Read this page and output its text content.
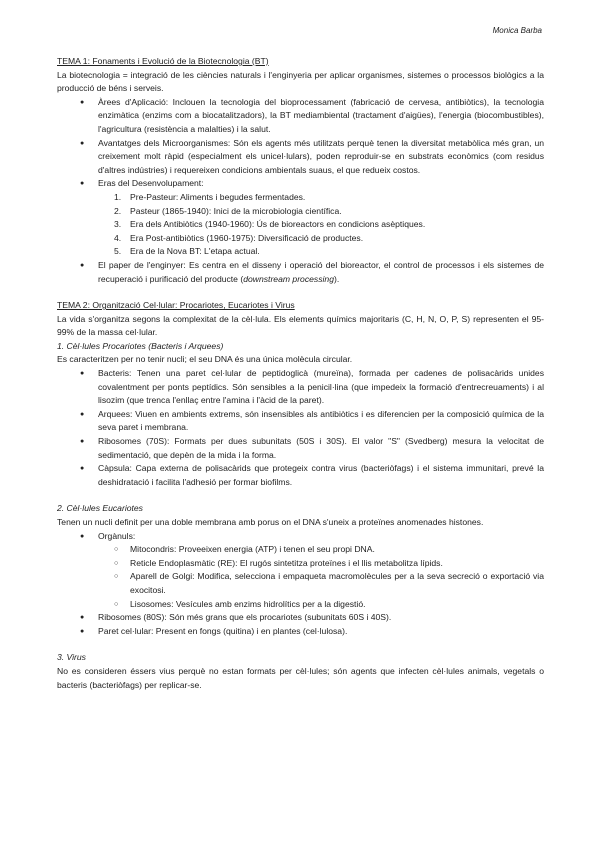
Monica Barba
TEMA 1: Fonaments i Evolució de la Biotecnologia (BT)

La biotecnologia = integració de les ciències naturals i l'enginyeria per aplicar organismes, sistemes o processos biològics a la producció de béns i serveis.

● Àrees d'Aplicació: Inclouen la tecnologia del bioprocessament (fabricació de cervesa, antibiòtics), la tecnologia enzimàtica (enzims com a biocatalitzadors), la BT mediambiental (tractament d'aigües), l'energia (biocombustibles), l'agricultura (resistència a malalties) i la salut.
● Avantatges dels Microorganismes: Són els agents més utilitzats perquè tenen la diversitat metabòlica més gran, un creixement molt ràpid (especialment els unicel·lulars), poden reproduir-se en substrats econòmics (com residus d'altres indústries) i requereixen condicions ambientals suaus, el que redueix costos.
● Eras del Desenvolupament:
1. Pre-Pasteur: Aliments i begudes fermentades.
2. Pasteur (1865-1940): Inici de la microbiologia científica.
3. Era dels Antibiòtics (1940-1960): Ús de bioreactors en condicions asèptiques.
4. Era Post-antibiòtics (1960-1975): Diversificació de productes.
5. Era de la Nova BT: L'etapa actual.
● El paper de l'enginyer: Es centra en el disseny i operació del bioreactor, el control de processos i els sistemes de recuperació i purificació del producte (downstream processing).
TEMA 2: Organització Cel·lular: Procariotes, Eucariotes i Virus

La vida s'organitza segons la complexitat de la cèl·lula. Els elements químics majoritaris (C, H, N, O, P, S) representen el 95-99% de la massa cel·lular.

1. Cèl·lules Procariotes (Bacteris i Arquees)

Es caracteritzen per no tenir nucli; el seu DNA és una única molècula circular.

● Bacteris: Tenen una paret cel·lular de peptidoglicà (mureïna), formada per cadenes de polisacàrids unides covalentment per ponts peptídics. Són sensibles a la penicil·lina (que impedeix la formació d'entrecreuaments) i al lisozim (que trenca l'enllaç entre l'amina i l'àcid de la paret).
● Arquees: Viuen en ambients extrems, són insensibles als antibiòtics i es diferencien per la composició química de la seva paret i membrana.
● Ribosomes (70S): Formats per dues subunitats (50S i 30S). El valor "S" (Svedberg) mesura la velocitat de sedimentació, que depèn de la mida i la forma.
● Càpsula: Capa externa de polisacàrids que protegeix contra virus (bacteriòfags) i el sistema immunitari, prevé la deshidratació i facilita l'adhesió per formar biofilms.
2. Cèl·lules Eucariotes

Tenen un nucli definit per una doble membrana amb porus on el DNA s'uneix a proteïnes anomenades histones.

● Orgànuls:
○ Mitocondris: Proveeixen energia (ATP) i tenen el seu propi DNA.
○ Reticle Endoplasmàtic (RE): El rugós sintetitza proteïnes i el llis metabolitza lípids.
○ Aparell de Golgi: Modifica, selecciona i empaqueta macromolècules per a la seva secreció o exportació via exocitosi.
○ Lisosomes: Vesícules amb enzims hidrolítics per a la digestió.
● Ribosomes (80S): Són més grans que els procariotes (subunitats 60S i 40S).
● Paret cel·lular: Present en fongs (quitina) i en plantes (cel·lulosa).
3. Virus

No es consideren éssers vius perquè no estan formats per cèl·lules; són agents que infecten cèl·lules animals, vegetals o bacteris (bacteriòfags) per replicar-se.
